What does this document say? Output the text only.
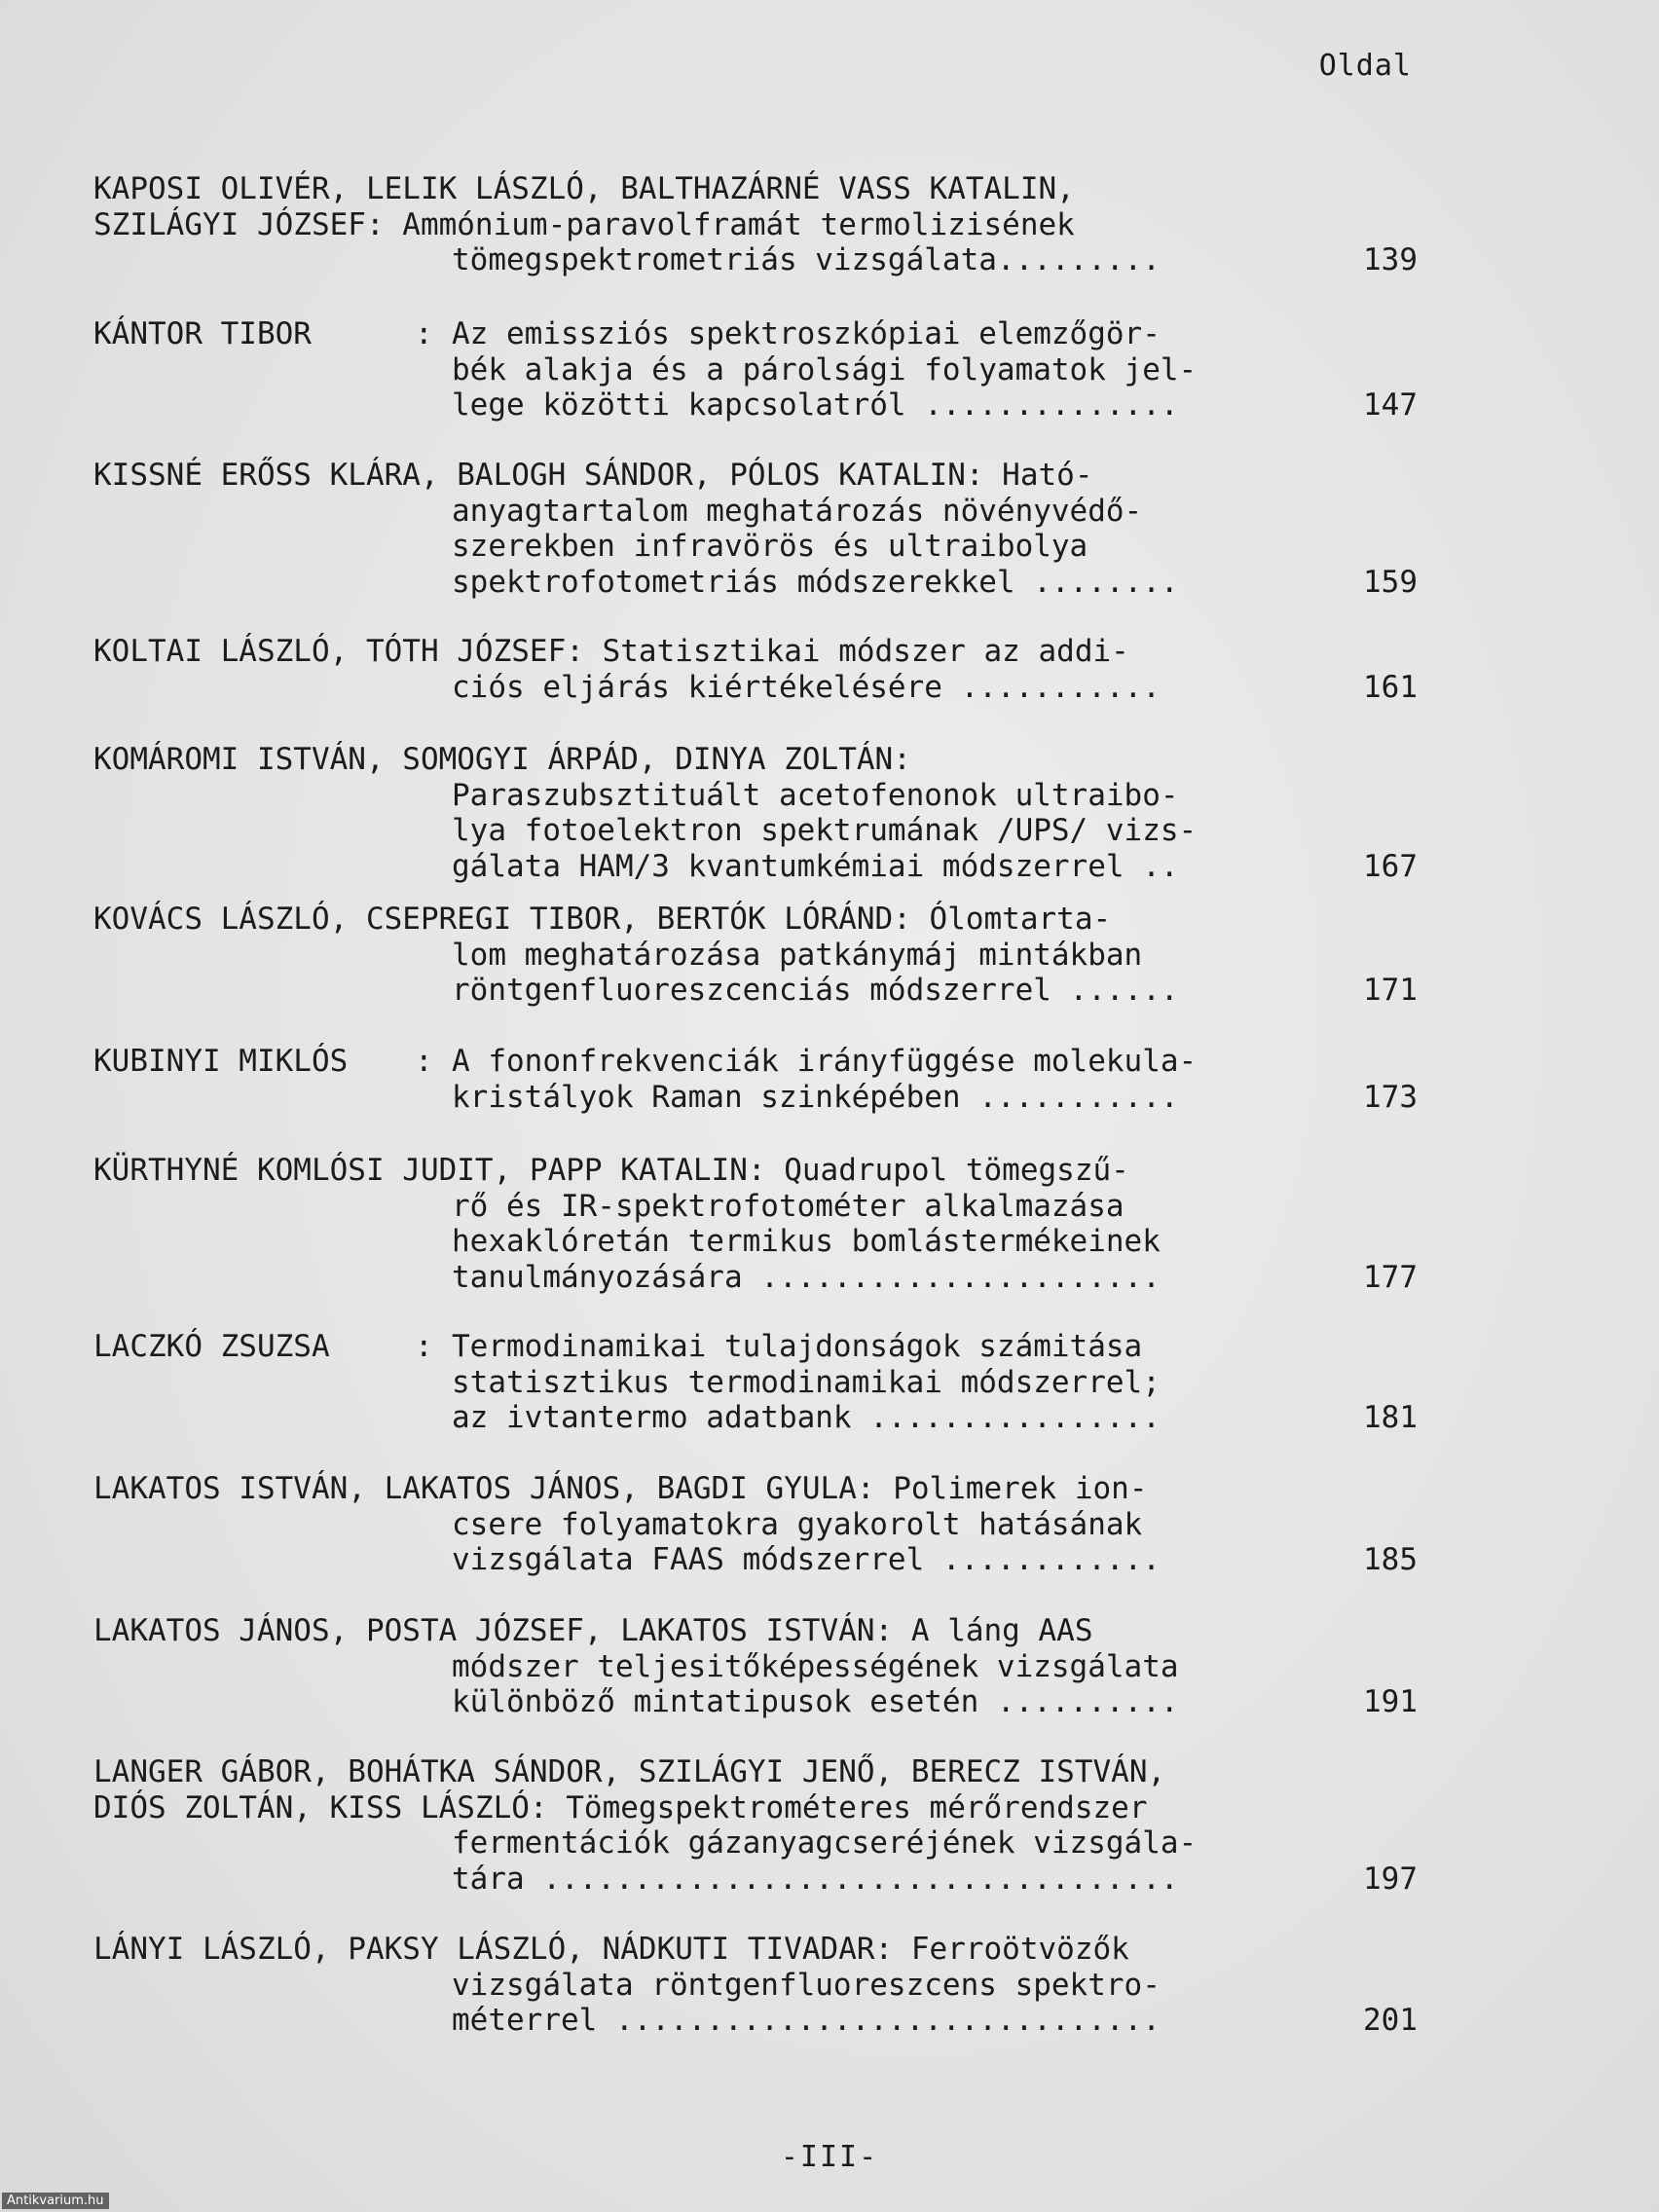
Oldal
KAPOSI OLIVÉR, LELIK LÁSZLÓ, BALTHAZÁRNÉ VASS KATALIN,
SZILÁGYI JÓZSEF: Ammónium-paravolframát termolizisének
tömegspektrometriás vizsgálata.........	139
KÁNTOR TIBOR	: Az emissziós spektroszkópiai elemzőgör-
bék alakja és a párolsági folyamatok jel-
lege közötti kapcsolatról ..............	147
KISSNÉ ERŐSS KLÁRA, BALOGH SÁNDOR, PÓLOS KATALIN: Ható-
anyagtartalom meghatározás növényvédő-
szerekben infravörös és ultraibolya
spektrofotometriás módszerekkel ........	159
KOLTAI LÁSZLÓ, TÓTH JÓZSEF: Statisztikai módszer az addi-
ciós eljárás kiértékelésére ...........	161
KOMÁROMI ISTVÁN, SOMOGYI ÁRPÁD, DINYA ZOLTÁN:
Paraszubsztituált acetofenonok ultraibo-
lya fotoelektron spektrumának /UPS/ vizs-
gálata HAM/3 kvantumkémiai módszerrel ..	167
KOVÁCS LÁSZLÓ, CSEPREGI TIBOR, BERTÓK LÓRÁND: Ólomtarta-
lom meghatározása patkánymáj mintákban
röntgenfluoreszcenciás módszerrel ......	171
KUBINYI MIKLÓS : A fononfrekvenciák irányfüggése molekula-
kristályok Raman szinképében ...........	173
KÜRTHYNÉ KOMLÓSI JUDIT, PAPP KATALIN: Quadrupol tömegszű-
rő és IR-spektrofotométer alkalmazása
hexaklóretán termikus bomlástermékeinek
tanulmányozására ......................	177
LACZKÓ ZSUZSA	: Termodinamikai tulajdonságok számitása
statisztikus termodinamikai módszerrel;
az ivtantermo adatbank ................	181
LAKATOS ISTVÁN, LAKATOS JÁNOS, BAGDI GYULA: Polimerek ion-
csere folyamatokra gyakorolt hatásának
vizsgálata FAAS módszerrel ............	185
LAKATOS JÁNOS, POSTA JÓZSEF, LAKATOS ISTVÁN: A láng AAS
módszer teljesitőképességének vizsgálata
különböző mintatipusok esetén ..........	191
LANGER GÁBOR, BOHÁTKA SÁNDOR, SZILÁGYI JENŐ, BERECZ ISTVÁN,
DIÓS ZOLTÁN, KISS LÁSZLÓ: Tömegspektrométeres mérőrendszer
fermentációk gázanyagcseréjének vizsgála-
tára ...................................	197
LÁNYI LÁSZLÓ, PAKSY LÁSZLÓ, NÁDKUTI TIVADAR: Ferroötvözők
vizsgálata röntgenfluoreszcens spektro-
méterrel ..............................	201
-III-
Antikvarium.hu
